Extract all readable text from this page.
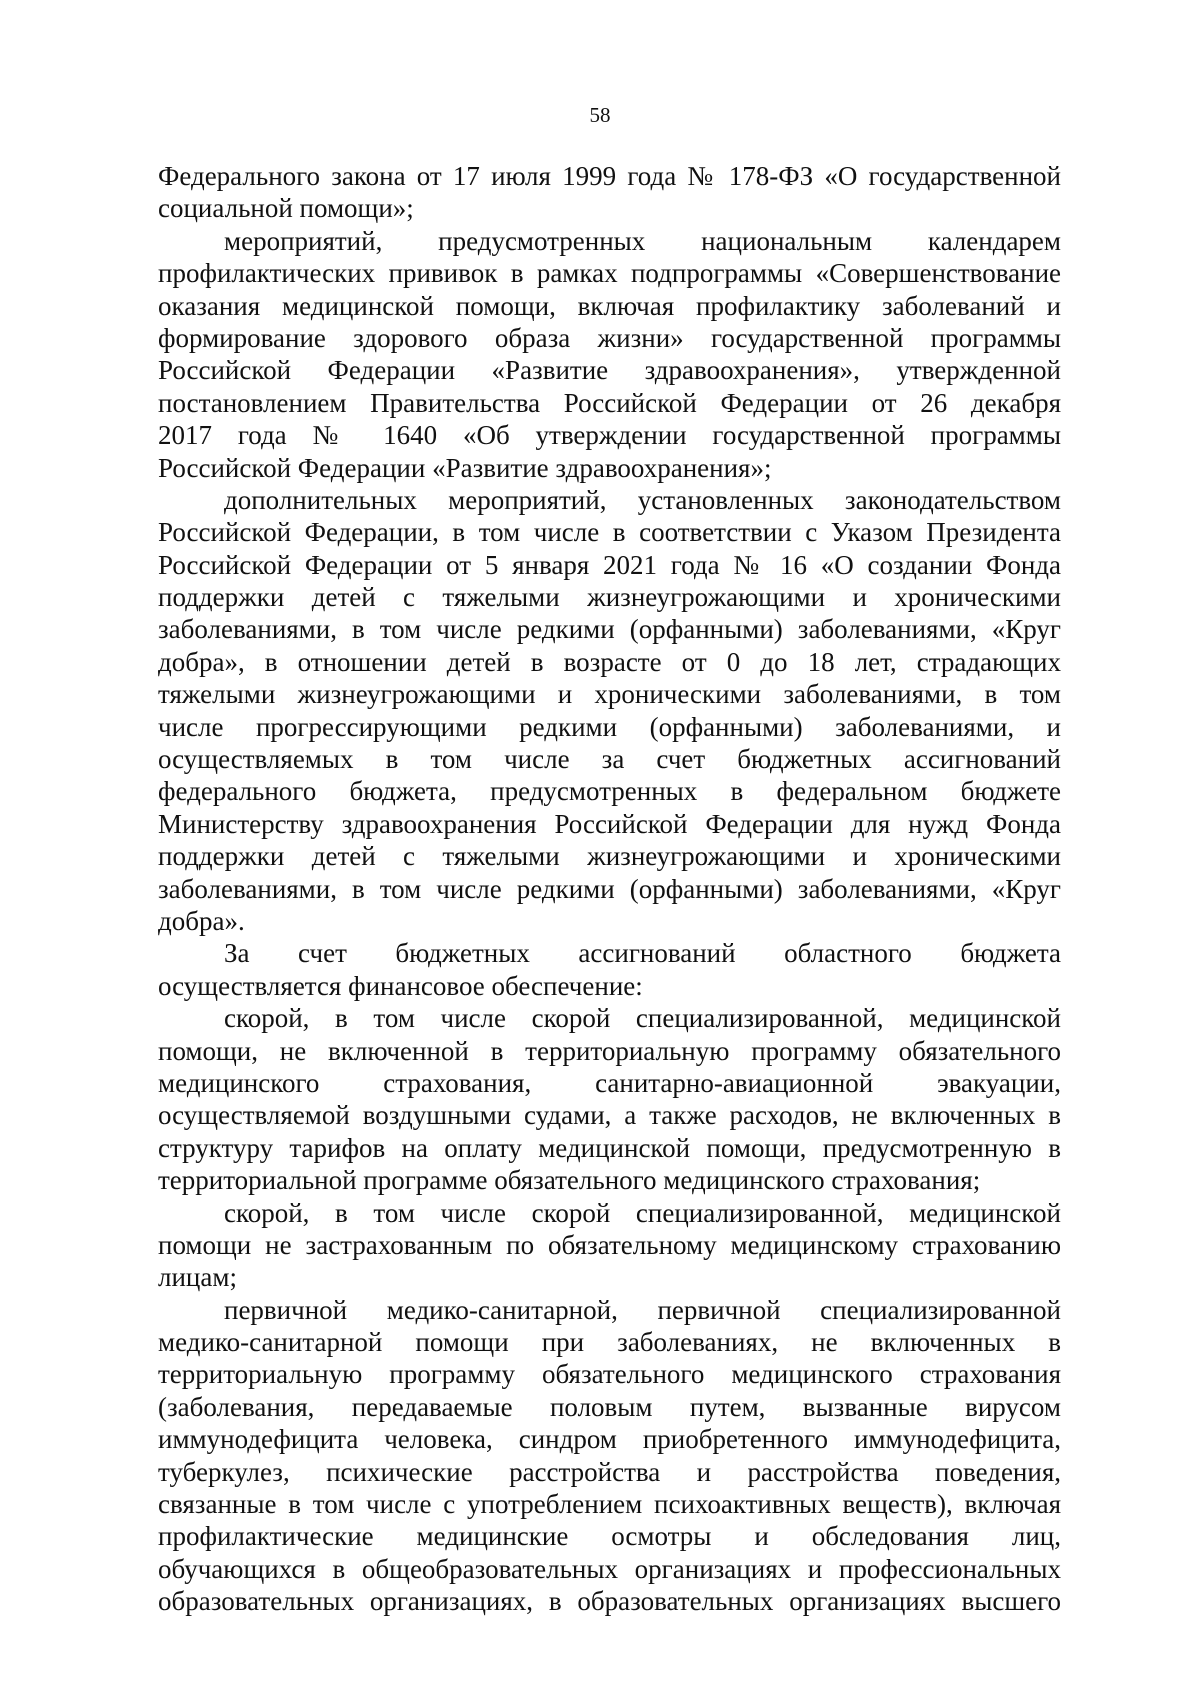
58
Федерального закона от 17 июля 1999 года № 178-ФЗ «О государственной
социальной помощи»;
мероприятий, предусмотренных национальным календарем
профилактических прививок в рамках подпрограммы «Совершенствование
оказания медицинской помощи, включая профилактику заболеваний и
формирование здорового образа жизни» государственной программы
Российской Федерации «Развитие здравоохранения», утвержденной
постановлением Правительства Российской Федерации от 26 декабря
2017 года № 1640 «Об утверждении государственной программы
Российской Федерации «Развитие здравоохранения»;
дополнительных мероприятий, установленных законодательством
Российской Федерации, в том числе в соответствии с Указом Президента
Российской Федерации от 5 января 2021 года № 16 «О создании Фонда
поддержки детей с тяжелыми жизнеугрожающими и хроническими
заболеваниями, в том числе редкими (орфанными) заболеваниями, «Круг
добра», в отношении детей в возрасте от 0 до 18 лет, страдающих
тяжелыми жизнеугрожающими и хроническими заболеваниями, в том
числе прогрессирующими редкими (орфанными) заболеваниями, и
осуществляемых в том числе за счет бюджетных ассигнований
федерального бюджета, предусмотренных в федеральном бюджете
Министерству здравоохранения Российской Федерации для нужд Фонда
поддержки детей с тяжелыми жизнеугрожающими и хроническими
заболеваниями, в том числе редкими (орфанными) заболеваниями, «Круг
добра».
За счет бюджетных ассигнований областного бюджета
осуществляется финансовое обеспечение:
скорой, в том числе скорой специализированной, медицинской
помощи, не включенной в территориальную программу обязательного
медицинского страхования, санитарно-авиационной эвакуации,
осуществляемой воздушными судами, а также расходов, не включенных в
структуру тарифов на оплату медицинской помощи, предусмотренную в
территориальной программе обязательного медицинского страхования;
скорой, в том числе скорой специализированной, медицинской
помощи не застрахованным по обязательному медицинскому страхованию
лицам;
первичной медико-санитарной, первичной специализированной
медико-санитарной помощи при заболеваниях, не включенных в
территориальную программу обязательного медицинского страхования
(заболевания, передаваемые половым путем, вызванные вирусом
иммунодефицита человека, синдром приобретенного иммунодефицита,
туберкулез, психические расстройства и расстройства поведения,
связанные в том числе с употреблением психоактивных веществ), включая
профилактические медицинские осмотры и обследования лиц,
обучающихся в общеобразовательных организациях и профессиональных
образовательных организациях, в образовательных организациях высшего
